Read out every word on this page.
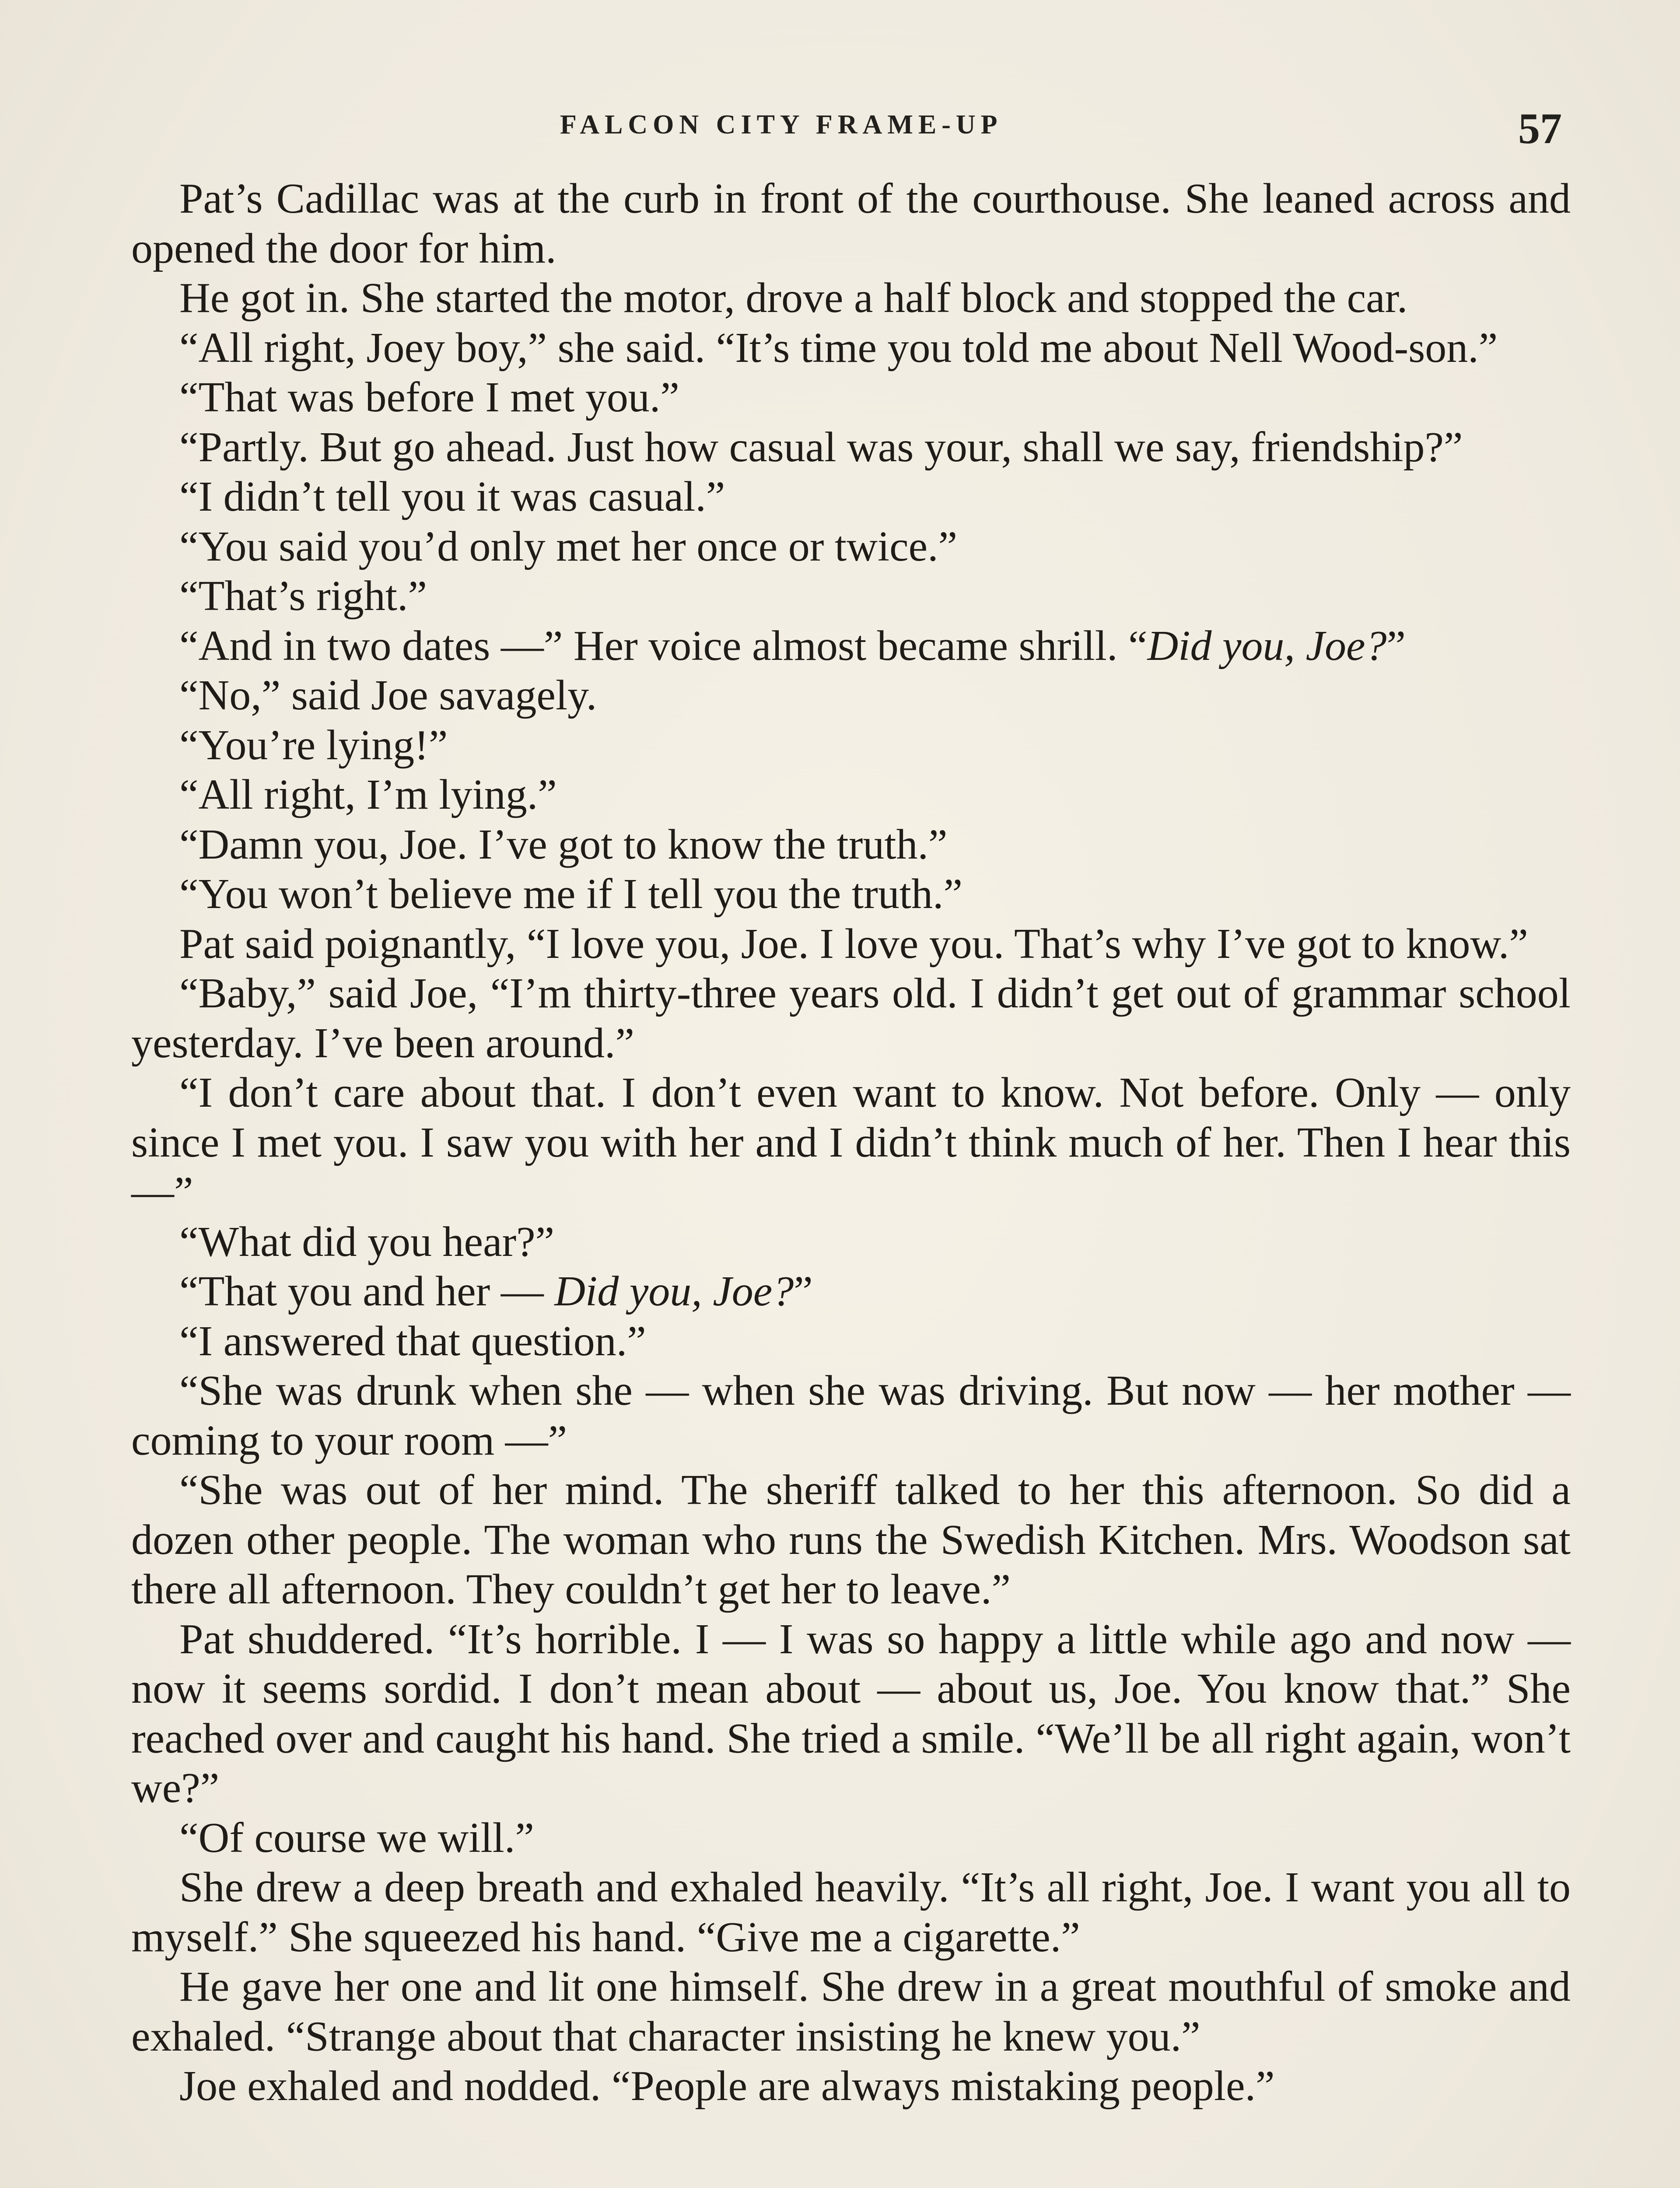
FALCON CITY FRAME-UP	57

Pat’s Cadillac was at the curb in front of the courthouse. She leaned across and opened the door for him.

He got in. She started the motor, drove a half block and stopped the car.

“All right, Joey boy,” she said. “It’s time you told me about Nell Wood-son.”

“That was before I met you.”

“Partly. But go ahead. Just how casual was your, shall we say, friendship?”

“I didn’t tell you it was casual.”

“You said you’d only met her once or twice.”

“That’s right.”

“And in two dates —” Her voice almost became shrill. “Did you, Joe?”

“No,” said Joe savagely.

“You’re lying!”

“All right, I’m lying.”

“Damn you, Joe. I’ve got to know the truth.”

“You won’t believe me if I tell you the truth.”

Pat said poignantly, “I love you, Joe. I love you. That’s why I’ve got to know.”

“Baby,” said Joe, “I’m thirty-three years old. I didn’t get out of grammar school yesterday. I’ve been around.”

“I don’t care about that. I don’t even want to know. Not before. Only — only since I met you. I saw you with her and I didn’t think much of her. Then I hear this —”

“What did you hear?”

“That you and her — Did you, Joe?”

“I answered that question.”

“She was drunk when she — when she was driving. But now — her mother — coming to your room —”

“She was out of her mind. The sheriff talked to her this afternoon. So did a dozen other people. The woman who runs the Swedish Kitchen. Mrs. Woodson sat there all afternoon. They couldn’t get her to leave.”

Pat shuddered. “It’s horrible. I — I was so happy a little while ago and now — now it seems sordid. I don’t mean about — about us, Joe. You know that.” She reached over and caught his hand. She tried a smile. “We’ll be all right again, won’t we?”

“Of course we will.”

She drew a deep breath and exhaled heavily. “It’s all right, Joe. I want you all to myself.” She squeezed his hand. “Give me a cigarette.”

He gave her one and lit one himself. She drew in a great mouthful of smoke and exhaled. “Strange about that character insisting he knew you.”

Joe exhaled and nodded. “People are always mistaking people.”
